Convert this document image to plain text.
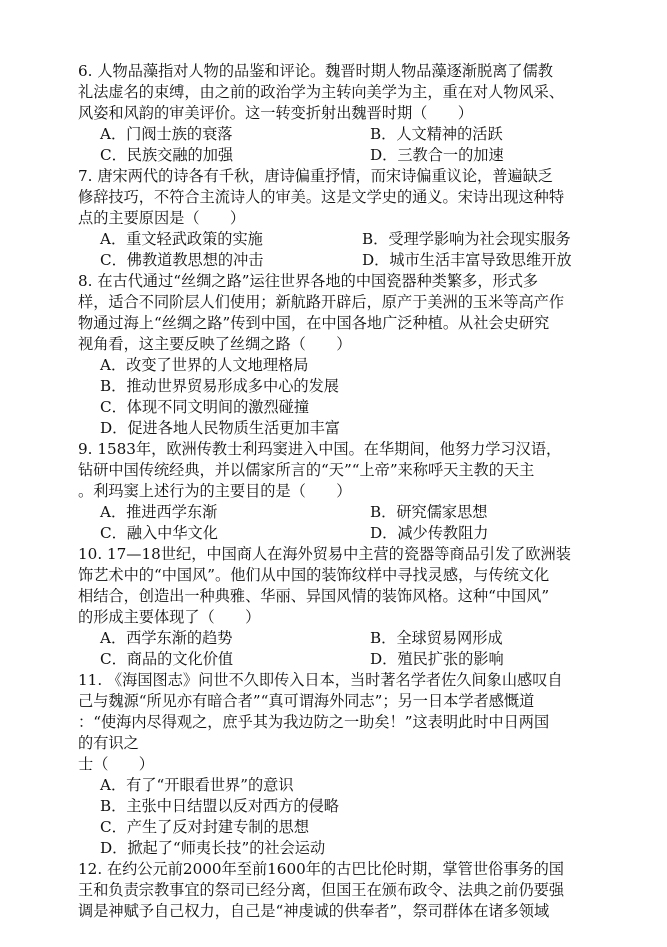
6. 人物品藻指对人物的品鉴和评论。魏晋时期人物品藻逐渐脱离了儒教
礼法虚名的束缚，由之前的政治学为主转向美学为主，重在对人物风采、
风姿和风韵的审美评价。这一转变折射出魏晋时期（　　）
A．门阀士族的衰落	B．人文精神的活跃
C．民族交融的加强	D．三教合一的加速
7. 唐宋两代的诗各有千秋，唐诗偏重抒情，而宋诗偏重议论，普遍缺乏
修辞技巧，不符合主流诗人的审美。这是文学史的通义。宋诗出现这种特
点的主要原因是（　　）
A．重文轻武政策的实施	B．受理学影响为社会现实服务
C．佛教道教思想的冲击	D．城市生活丰富导致思维开放
8. 在古代通过“丝绸之路”运往世界各地的中国瓷器种类繁多，形式多
样，适合不同阶层人们使用；新航路开辟后，原产于美洲的玉米等高产作
物通过海上“丝绸之路”传到中国，在中国各地广泛种植。从社会史研究
视角看，这主要反映了丝绸之路（　　）
A．改变了世界的人文地理格局
B．推动世界贸易形成多中心的发展
C．体现不同文明间的激烈碰撞
D．促进各地人民物质生活更加丰富
9. 1583年，欧洲传教士利玛窦进入中国。在华期间，他努力学习汉语，
钻研中国传统经典，并以儒家所言的“天”“上帝”来称呼天主教的天主
。利玛窦上述行为的主要目的是（　　）
A．推进西学东渐	B．研究儒家思想
C．融入中华文化	D．减少传教阻力
10. 17—18世纪，中国商人在海外贸易中主营的瓷器等商品引发了欧洲装
饰艺术中的“中国风”。他们从中国的装饰纹样中寻找灵感，与传统文化
相结合，创造出一种典雅、华丽、异国风情的装饰风格。这种“中国风”
的形成主要体现了（　　）
A．西学东渐的趋势	B．全球贸易网形成
C．商品的文化价值	D．殖民扩张的影响
11. 《海国图志》问世不久即传入日本，当时著名学者佐久间象山感叹自
己与魏源“所见亦有暗合者”“真可谓海外同志”；另一日本学者感慨道
：“使海内尽得观之，庶乎其为我边防之一助矣！”这表明此时中日两国
的有识之
士（　　）
A．有了“开眼看世界”的意识
B．主张中日结盟以反对西方的侵略
C．产生了反对封建专制的思想
D．掀起了“师夷长技”的社会运动
12. 在约公元前2000年至前1600年的古巴比伦时期，掌管世俗事务的国
王和负责宗教事宜的祭司已经分离，但国王在颁布政令、法典之前仍要强
调是神赋予自己权力，自己是“神虔诚的供奉者”，祭司群体在诸多领域
